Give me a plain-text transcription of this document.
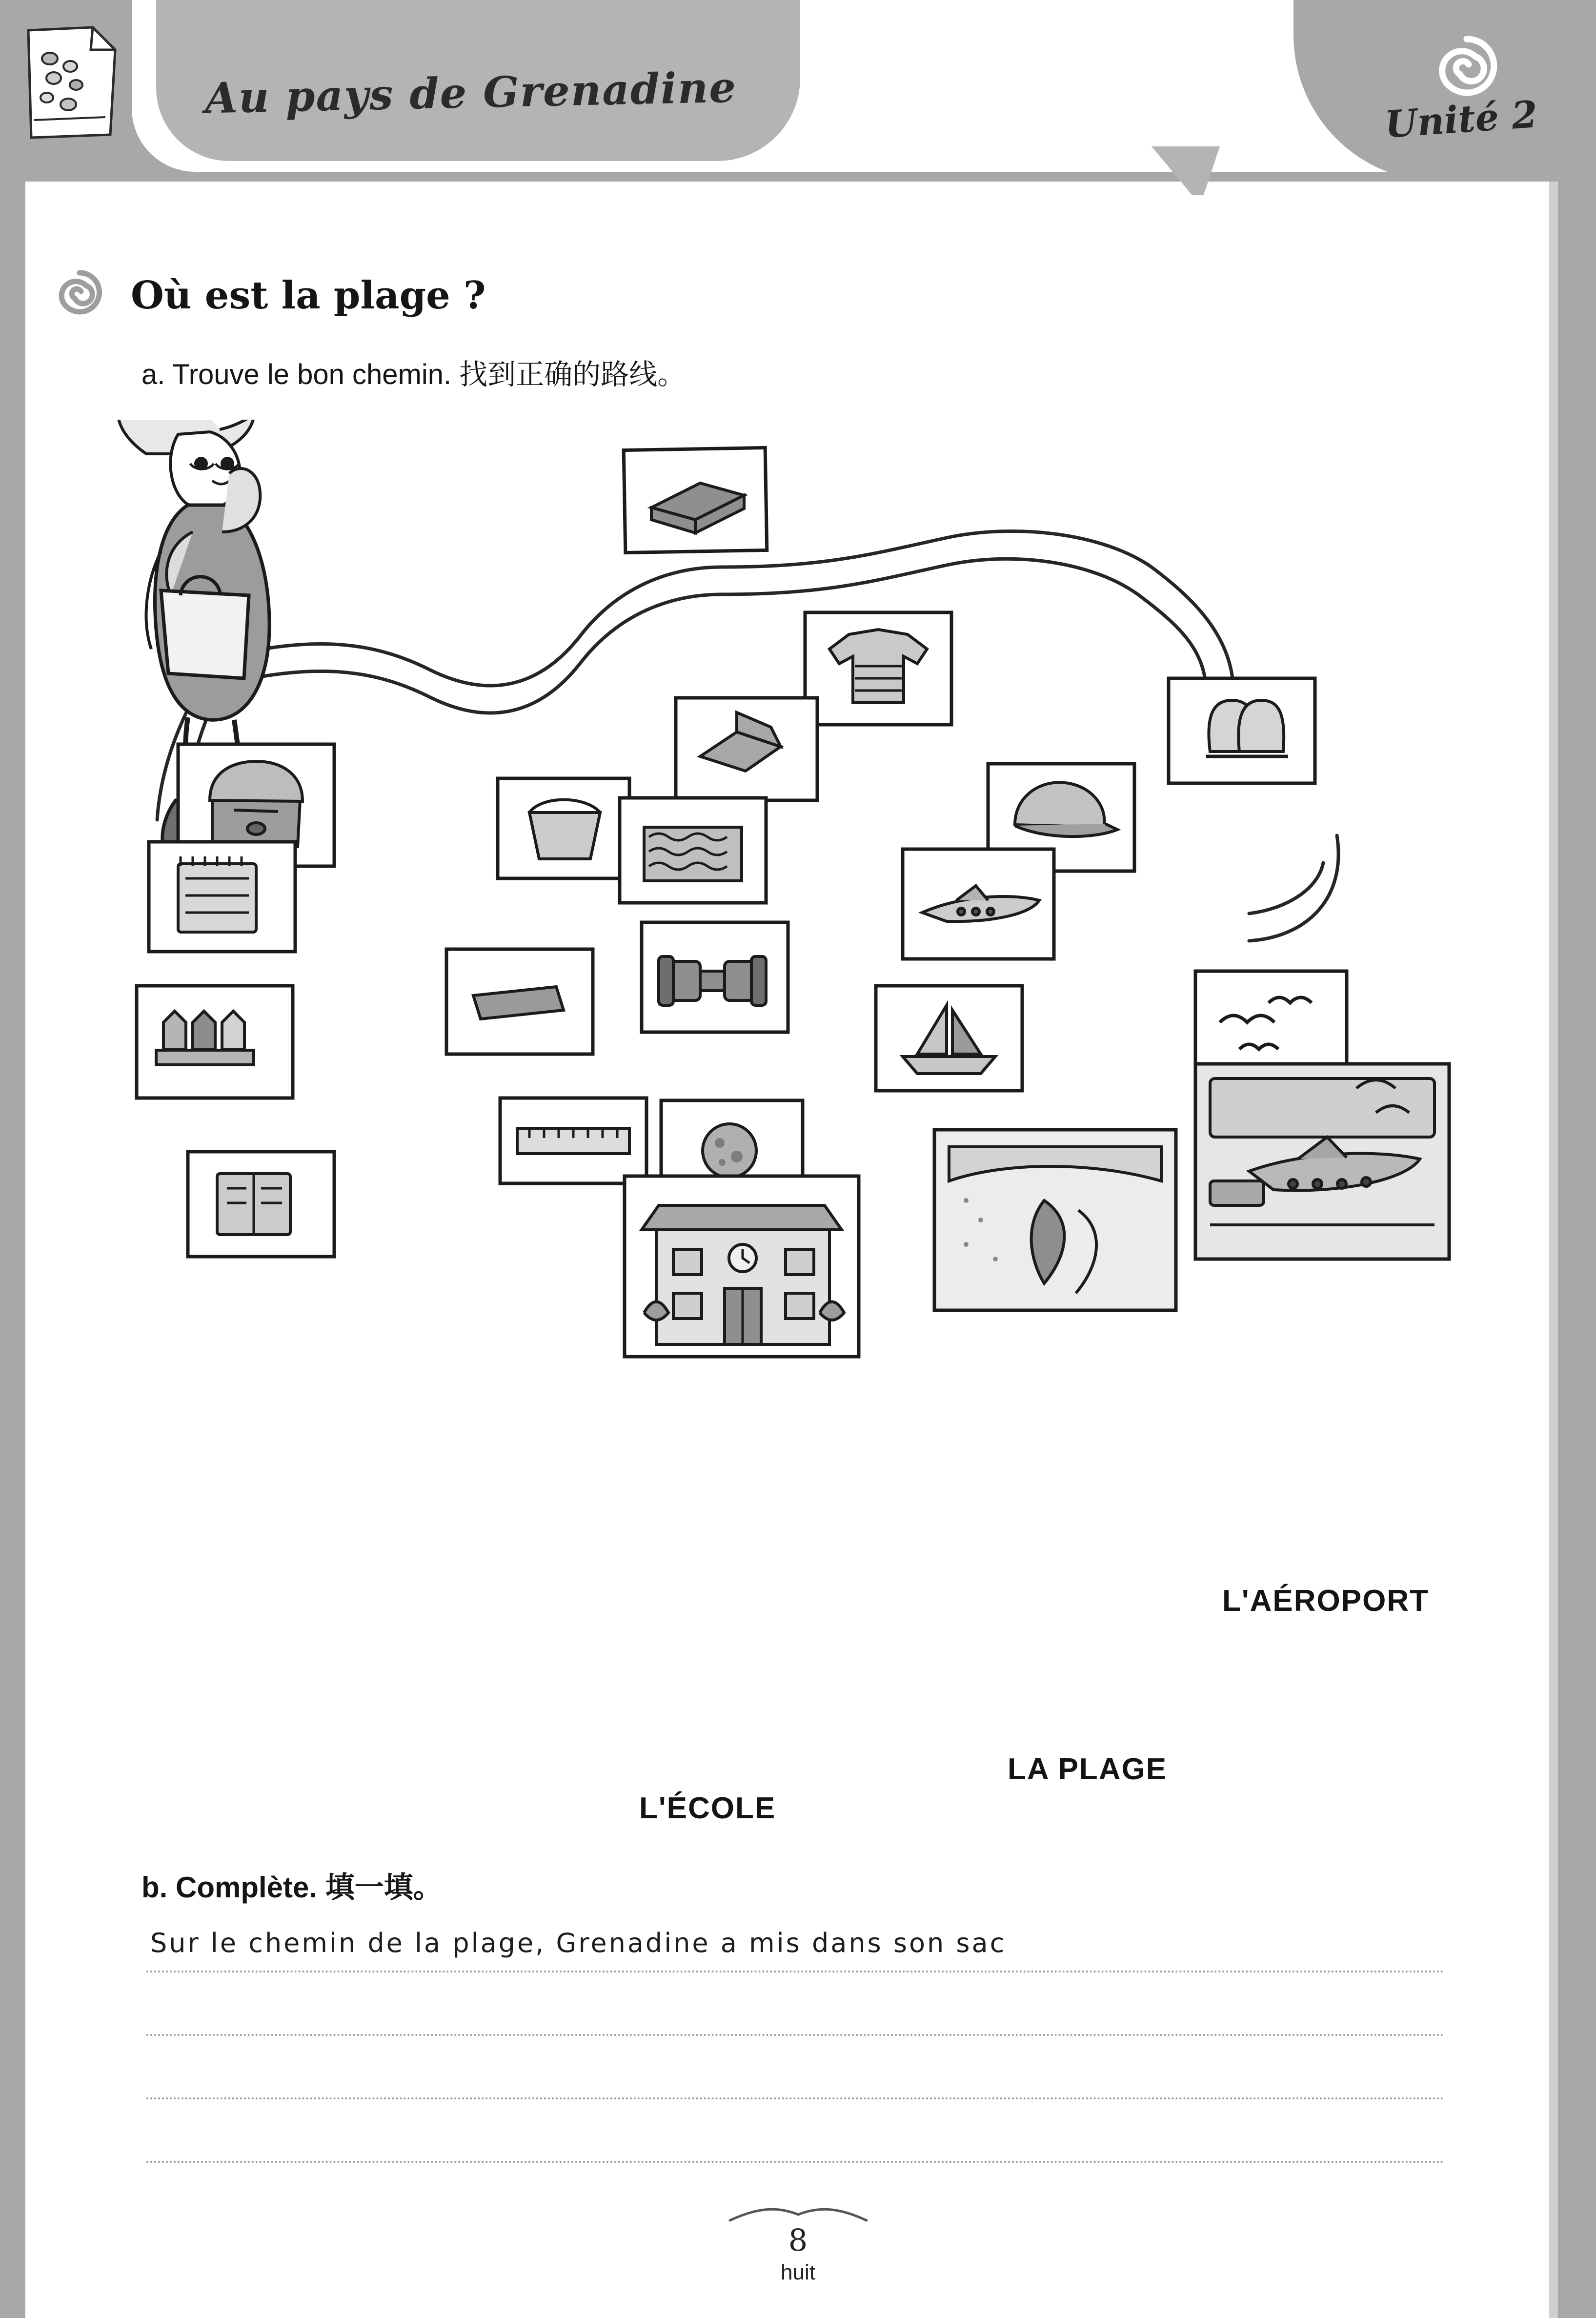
Au pays de Grenadine	Unité 2
Où est la plage ?
a. Trouve le bon chemin. 找到正确的路线。
L'AÉROPORT
LA PLAGE
L'ÉCOLE
b. Complète. 填一填。
Sur le chemin de la plage, Grenadine a mis dans son sac
8
huit
